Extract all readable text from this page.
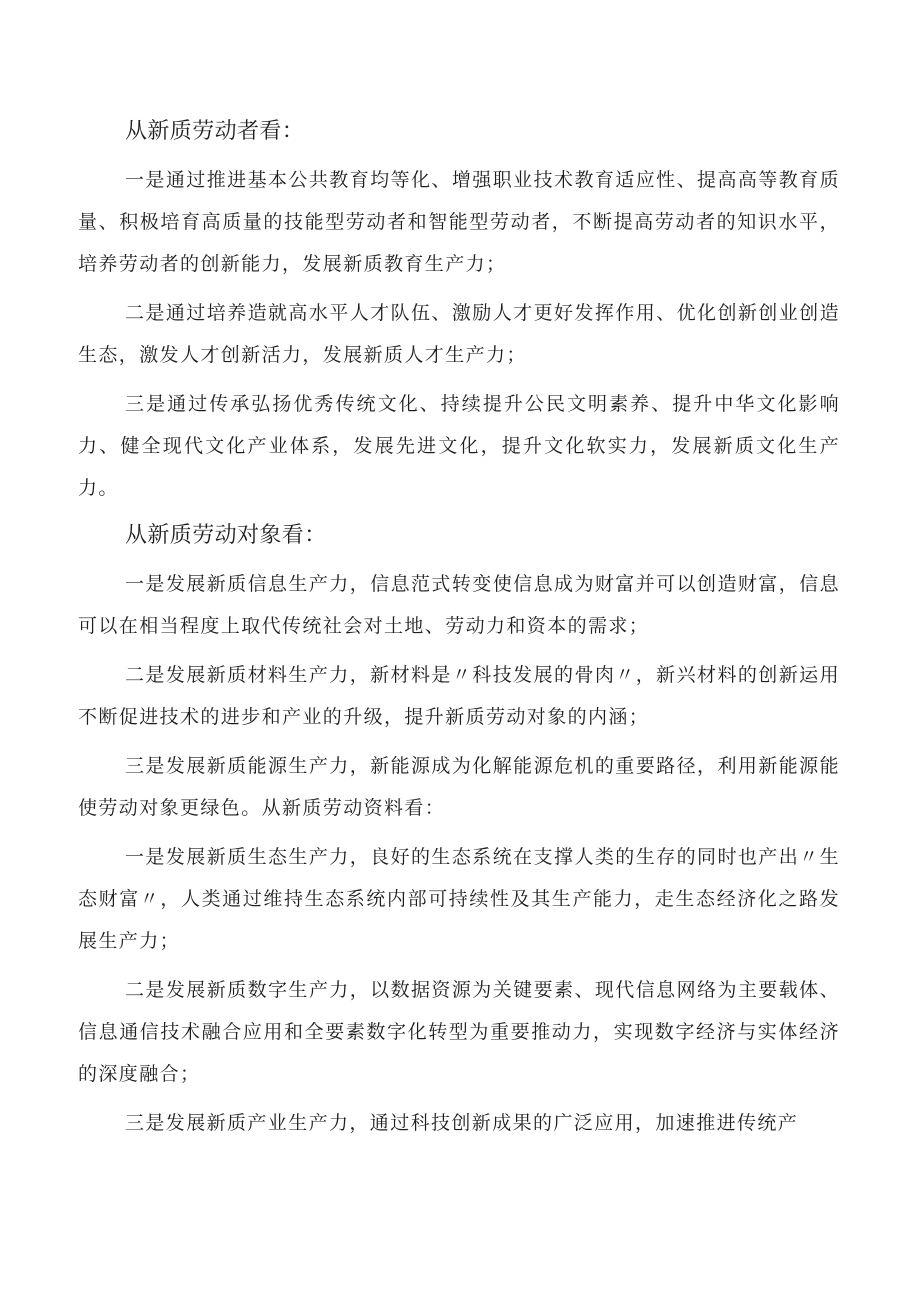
从新质劳动者看：

一是通过推进基本公共教育均等化、增强职业技术教育适应性、提高高等教育质量、积极培育高质量的技能型劳动者和智能型劳动者，不断提高劳动者的知识水平，培养劳动者的创新能力，发展新质教育生产力；

二是通过培养造就高水平人才队伍、激励人才更好发挥作用、优化创新创业创造生态，激发人才创新活力，发展新质人才生产力；

三是通过传承弘扬优秀传统文化、持续提升公民文明素养、提升中华文化影响力、健全现代文化产业体系，发展先进文化，提升文化软实力，发展新质文化生产力。

从新质劳动对象看：

一是发展新质信息生产力，信息范式转变使信息成为财富并可以创造财富，信息可以在相当程度上取代传统社会对土地、劳动力和资本的需求；

二是发展新质材料生产力，新材料是〃科技发展的骨肉〃，新兴材料的创新运用不断促进技术的进步和产业的升级，提升新质劳动对象的内涵；

三是发展新质能源生产力，新能源成为化解能源危机的重要路径，利用新能源能使劳动对象更绿色。从新质劳动资料看：

一是发展新质生态生产力，良好的生态系统在支撑人类的生存的同时也产出〃生态财富〃，人类通过维持生态系统内部可持续性及其生产能力，走生态经济化之路发展生产力；

二是发展新质数字生产力，以数据资源为关键要素、现代信息网络为主要载体、信息通信技术融合应用和全要素数字化转型为重要推动力，实现数字经济与实体经济的深度融合；

三是发展新质产业生产力，通过科技创新成果的广泛应用，加速推进传统产
